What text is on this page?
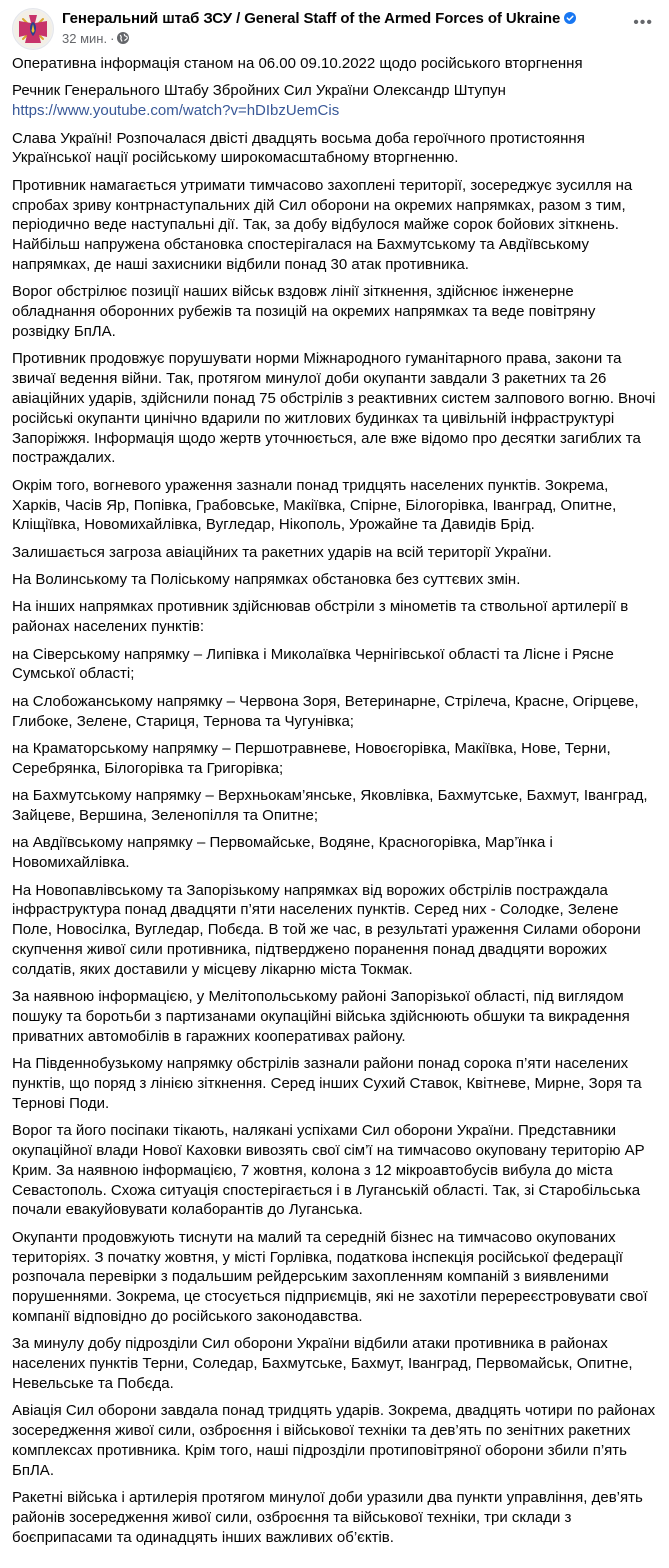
Генеральний штаб ЗСУ / General Staff of the Armed Forces of Ukraine
32 мин. ·
•••

Оперативна інформація станом на 06.00 09.10.2022 щодо російського вторгнення

Речник Генерального Штабу Збройних Сил України Олександр Штупун
https://www.youtube.com/watch?v=hDIbzUemCis

Слава Україні! Розпочалася двісті двадцять восьма доба героїчного протистояння Української нації російському широкомасштабному вторгненню.

Противник намагається утримати тимчасово захоплені території, зосереджує зусилля на спробах зриву контрнаступальних дій Сил оборони на окремих напрямках, разом з тим, періодично веде наступальні дії. Так, за добу відбулося майже сорок бойових зіткнень. Найбільш напружена обстановка спостерігалася на Бахмутському та Авдіївському напрямках, де наші захисники відбили понад 30 атак противника.

Ворог обстрілює позиції наших військ вздовж лінії зіткнення, здійснює інженерне обладнання оборонних рубежів та позицій на окремих напрямках та веде повітряну розвідку БпЛА.

Противник продовжує порушувати норми Міжнародного гуманітарного права, закони та звичаї ведення війни. Так, протягом минулої доби окупанти завдали 3 ракетних та 26 авіаційних ударів, здійснили понад 75 обстрілів з реактивних систем залпового вогню. Вночі російські окупанти цинічно вдарили по житлових будинках та цивільній інфраструктурі Запоріжжя. Інформація щодо жертв уточнюється, але вже відомо про десятки загиблих та постраждалих.

Окрім того, вогневого ураження зазнали понад тридцять населених пунктів. Зокрема, Харків, Часів Яр, Попівка, Грабовське, Макіївка, Спірне, Білогорівка, Іванград, Опитне, Кліщіївка, Новомихайлівка, Вугледар, Нікополь, Урожайне та Давидів Брід.

Залишається загроза авіаційних та ракетних ударів на всій території України.

На Волинському та Поліському напрямках обстановка без суттєвих змін.

На інших напрямках противник здійснював обстріли з мінометів та ствольної артилерії в районах населених пунктів:

на Сіверському напрямку – Липівка і Миколаївка Чернігівської області та Лісне і Рясне Сумської області;

на Слобожанському напрямку – Червона Зоря, Ветеринарне, Стрілеча, Красне, Огірцеве, Глибоке, Зелене, Стариця, Тернова та Чугунівка;

на Краматорському напрямку – Першотравневе, Новоєгорівка, Макіївка, Нове, Терни, Серебрянка, Білогорівка та Григорівка;

на Бахмутському напрямку – Верхньокам’янське, Яковлівка, Бахмутське, Бахмут, Іванград, Зайцеве, Вершина, Зеленопілля та Опитне;

на Авдіївському напрямку – Первомайське, Водяне, Красногорівка, Мар’їнка і Новомихайлівка.

На Новопавлівському та Запорізькому напрямках від ворожих обстрілів постраждала інфраструктура понад двадцяти п’яти населених пунктів. Серед них - Солодке, Зелене Поле, Новосілка, Вугледар, Побєда. В той же час, в результаті ураження Силами оборони скупчення живої сили противника, підтверджено поранення понад двадцяти ворожих солдатів, яких доставили у місцеву лікарню міста Токмак.

За наявною інформацією, у Мелітопольському районі Запорізької області, під виглядом пошуку та боротьби з партизанами окупаційні війська здійснюють обшуки та викрадення приватних автомобілів в гаражних кооперативах району.

На Південнобузькому напрямку обстрілів зазнали райони понад сорока п’яти населених пунктів, що поряд з лінією зіткнення. Серед інших Сухий Ставок, Квітневе, Мирне, Зоря та Тернові Поди.

Ворог та його посіпаки тікають, налякані успіхами Сил оборони України. Представники окупаційної влади Нової Каховки вивозять свої сім’ї на тимчасово окуповану територію АР Крим. За наявною інформацією, 7 жовтня, колона з 12 мікроавтобусів вибула до міста Севастополь. Схожа ситуація спостерігається і в Луганській області. Так, зі Старобільська почали евакуйовувати колаборантів до Луганська.

Окупанти продовжують тиснути на малий та середній бізнес на тимчасово окупованих територіях. З початку жовтня, у місті Горлівка, податкова інспекція російської федерації розпочала перевірки з подальшим рейдерським захопленням компаній з виявленими порушеннями. Зокрема, це стосується підприємців, які не захотіли перереєстровувати свої компанії відповідно до російського законодавства.

За минулу добу підрозділи Сил оборони України відбили атаки противника в районах населених пунктів Терни, Соледар, Бахмутське, Бахмут, Іванград, Первомайськ, Опитне, Невельське та Побєда.

Авіація Сил оборони завдала понад тридцять ударів. Зокрема, двадцять чотири по районах зосередження живої сили, озброєння і військової техніки та дев’ять по зенітних ракетних комплексах противника. Крім того, наші підрозділи протиповітряної оборони збили п’ять БпЛА.

Ракетні війська і артилерія протягом минулої доби уразили два пункти управління, дев’ять районів зосередження живої сили, озброєння та військової техніки, три склади з боєприпасами та одинадцять інших важливих об’єктів.
